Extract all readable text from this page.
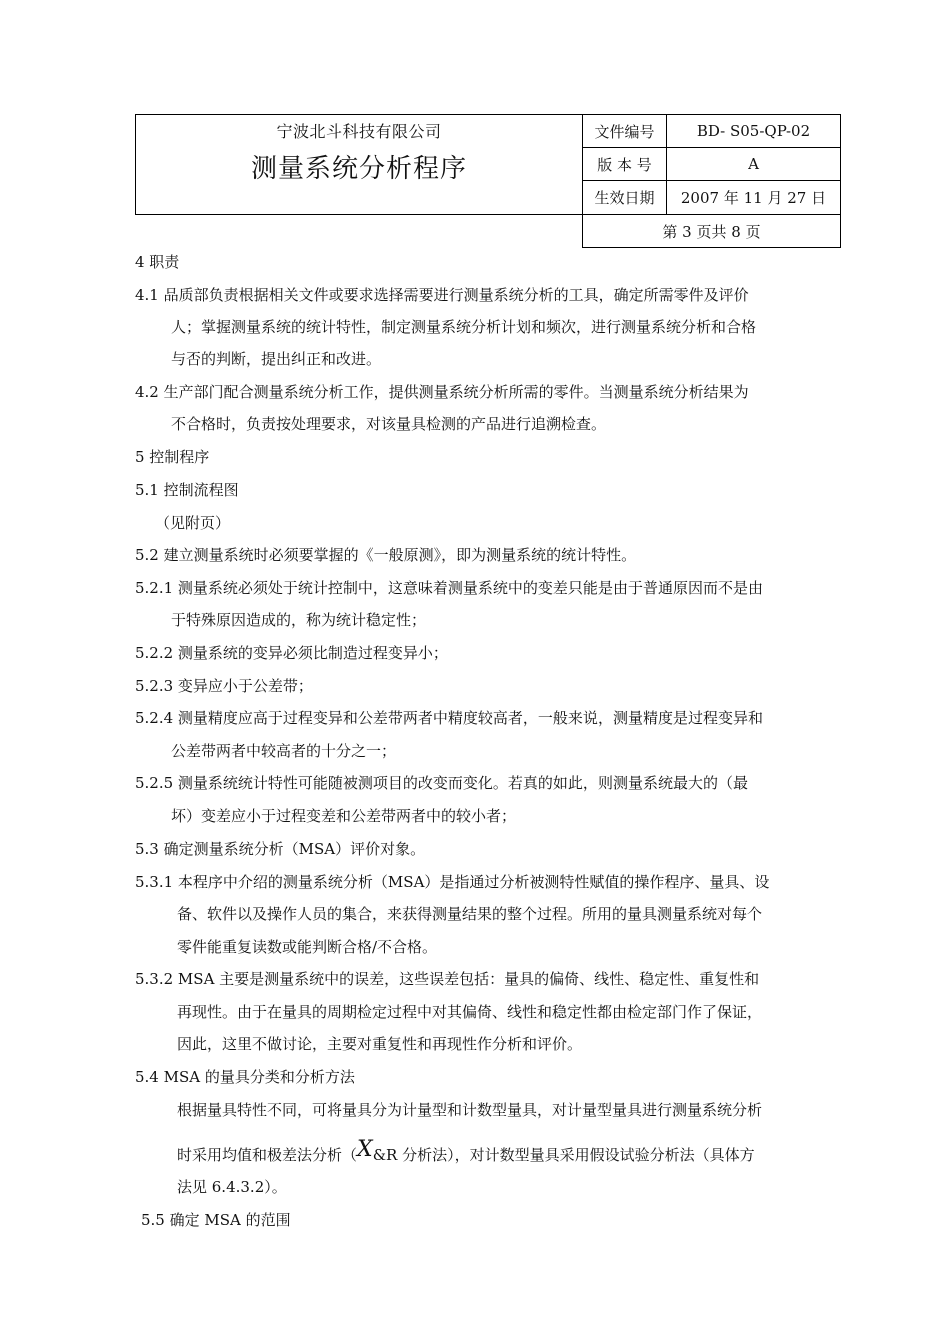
宁波北斗科技有限公司
测量系统分析程序	文件编号	BD- S05-QP-02
	版 本 号	A
	生效日期	2007 年 11 月 27 日
	第 3 页共 8 页	
4 职责
4.1 品质部负责根据相关文件或要求选择需要进行测量系统分析的工具，确定所需零件及评价
人；掌握测量系统的统计特性，制定测量系统分析计划和频次，进行测量系统分析和合格
与否的判断，提出纠正和改进。
4.2 生产部门配合测量系统分析工作，提供测量系统分析所需的零件。当测量系统分析结果为
不合格时，负责按处理要求，对该量具检测的产品进行追溯检查。
5 控制程序
5.1 控制流程图
（见附页）
5.2 建立测量系统时必须要掌握的《一般原测》，即为测量系统的统计特性。
5.2.1 测量系统必须处于统计控制中，这意味着测量系统中的变差只能是由于普通原因而不是由
于特殊原因造成的，称为统计稳定性；
5.2.2 测量系统的变异必须比制造过程变异小；
5.2.3 变异应小于公差带；
5.2.4 测量精度应高于过程变异和公差带两者中精度较高者，一般来说，测量精度是过程变异和
公差带两者中较高者的十分之一；
5.2.5 测量系统统计特性可能随被测项目的改变而变化。若真的如此，则测量系统最大的（最
坏）变差应小于过程变差和公差带两者中的较小者；
5.3 确定测量系统分析（MSA）评价对象。
5.3.1 本程序中介绍的测量系统分析（MSA）是指通过分析被测特性赋值的操作程序、量具、设
备、软件以及操作人员的集合，来获得测量结果的整个过程。所用的量具测量系统对每个
零件能重复读数或能判断合格/不合格。
5.3.2 MSA 主要是测量系统中的误差，这些误差包括：量具的偏倚、线性、稳定性、重复性和
再现性。由于在量具的周期检定过程中对其偏倚、线性和稳定性都由检定部门作了保证，
因此，这里不做讨论，主要对重复性和再现性作分析和评价。
5.4 MSA 的量具分类和分析方法
根据量具特性不同，可将量具分为计量型和计数型量具，对计量型量具进行测量系统分析
时采用均值和极差法分析（X&R 分析法），对计数型量具采用假设试验分析法（具体方
法见 6.4.3.2）。
5.5 确定 MSA 的范围
